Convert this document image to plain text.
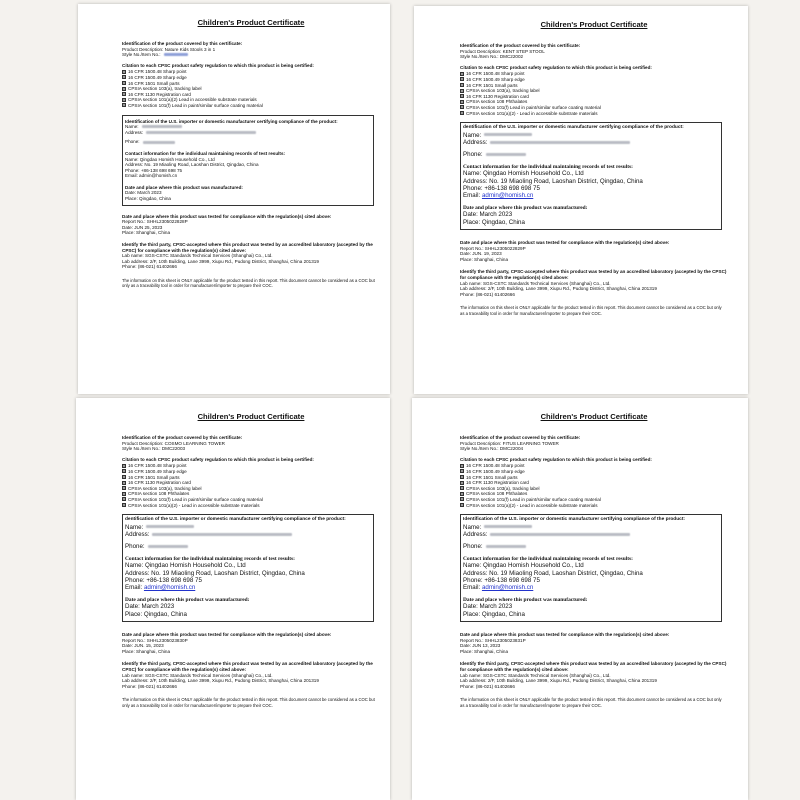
Children's Product Certificate
Identification of the product covered by this certificate:
Product Description: Nature Kids Stools 3 in 1
Style No./Item No.:
Citation to each CPSC product safety regulation to which this product is being certified:
16 CFR 1500.48 Sharp point
16 CFR 1500.49 Sharp edge
16 CFR 1501 Small parts
CPSIA section 103(a), tracking label
16 CFR 1130 Registration card
CPSIA section 101(a)(2) Lead in accessible substrate materials
CPSIA section 101(f) Lead in paint/similar surface coating material
Identification of the U.S. importer or domestic manufacturer certifying compliance of the product:
Name:
Address:
Phone:
Contact information for the individual maintaining records of test results:
Name: Qingdao Homish Household Co., Ltd
Address: No. 19 Miaoling Road, Laoshan District, Qingdao, China
Phone: +86-138 698 698 75
Email: admin@homish.cn
Date and place where this product was manufactured:
Date: March 2023
Place: Qingdao, China
Date and place where this product was tested for compliance with the regulation(s) cited above:
Report No.: SHHL2305022828P
Date: JUN 25, 2023
Place: Shanghai, China
Identify the third party, CPSC-accepted where this product was tested by an accredited laboratory (accepted by the CPSC) for compliance with the regulation(s) cited above:
Lab name: SGS-CSTC Standards Technical Services (Shanghai) Co., Ltd.
Lab address: 2/F, 10th Building, Lane 3999, Xiupu Rd., Pudong District, Shanghai, China 201319
Phone: (86-021) 61402666
The information on this sheet is ONLY applicable for the product tested in this report. This document cannot be considered as a COC but only as a traceability tool in order for manufacturer/importer to prepare their COC.
Children's Product Certificate
Identification of the product covered by this certificate:
Product Description: KENT STEP STOOL
Style No./Item No.: DMC22002
Citation to each CPSC product safety regulation to which this product is being certified:
16 CFR 1500.48 Sharp point
16 CFR 1500.49 Sharp edge
16 CFR 1501 Small parts
CPSIA section 103(a), tracking label
16 CFR 1130 Registration card
CPSIA section 108 Phthalates
CPSIA section 101(f) Lead in paint/similar surface coating material
CPSIA section 101(a)(2) - Lead in accessible substrate materials
dentification of the U.S. importer or domestic manufacturer certifying compliance of the product:
Name:
Address:
Phone:
Contact information for the individual maintaining records of test results:
Name: Qingdao Homish Household Co., Ltd
Address: No. 19 Miaoling Road, Laoshan District, Qingdao, China
Phone: +86-138 698 698 75
Email: admin@homish.cn
Date and place where this product was manufactured:
Date: March 2023
Place: Qingdao, China
Date and place where this product was tested for compliance with the regulation(s) cited above:
Report No.: SHHL2305022829P
Date: JUN. 19, 2023
Place: Shanghai, China
Identify the third party, CPSC-accepted where this product was tested by an accredited laboratory (accepted by the CPSC) for compliance with the regulation(s) cited above:
Lab name: SGS-CSTC Standards Technical Services (Shanghai) Co., Ltd.
Lab address: 2/F, 10th Building, Lane 3999, Xiupu Rd., Pudong District, Shanghai, China 201319
Phone: (86-021) 61402666
The information on this sheet is ONLY applicable for the product tested in this report. This document cannot be considered as a COC but only as a traceability tool in order for manufacturer/importer to prepare their COC.
Children's Product Certificate
Identification of the product covered by this certificate:
Product Description: COSMO LEARNING TOWER
Style No./Item No.: DMC22003
Citation to each CPSC product safety regulation to which this product is being certified:
16 CFR 1500.48 Sharp point
16 CFR 1500.49 Sharp edge
16 CFR 1501 Small parts
16 CFR 1130 Registration card
CPSIA section 103(a), tracking label
CPSIA section 108 Phthalates
CPSIA section 101(f) Lead in paint/similar surface coating material
CPSIA section 101(a)(2) - Lead in accessible substrate materials
dentification of the U.S. importer or domestic manufacturer certifying compliance of the product:
Name:
Address:
Phone:
Contact information for the individual maintaining records of test results:
Name: Qingdao Homish Household Co., Ltd
Address: No. 19 Miaoling Road, Laoshan District, Qingdao, China
Phone: +86-138 698 698 75
Email: admin@homish.cn
Date and place where this product was manufactured:
Date: March 2023
Place: Qingdao, China
Date and place where this product was tested for compliance with the regulation(s) cited above:
Report No.: SHHL2305023830P
Date: JUN. 15, 2023
Place: Shanghai, China
Identify the third party, CPSC-accepted where this product was tested by an accredited laboratory (accepted by the CPSC) for compliance with the regulation(s) cited above:
Lab name: SGS-CSTC Standards Technical Services (Shanghai) Co., Ltd.
Lab address: 2/F, 10th Building, Lane 3999, Xiupu Rd., Pudong District, Shanghai, China 201319
Phone: (86-021) 61402666
The information on this sheet is ONLY applicable for the product tested in this report. This document cannot be considered as a COC but only as a traceability tool in order for manufacturer/importer to prepare their COC.
Children's Product Certificate
Identification of the product covered by this certificate:
Product Description: FITUS LEARNING TOWER
Style No./Item No.: DMC22004
Citation to each CPSC product safety regulation to which this product is being certified:
16 CFR 1500.48 Sharp point
16 CFR 1500.49 Sharp edge
16 CFR 1501 Small parts
16 CFR 1130 Registration card
CPSIA section 103(a), tracking label
CPSIA section 108 Phthalates
CPSIA section 101(f) Lead in paint/similar surface coating material
CPSIA section 101(a)(2) - Lead in accessible substrate materials
Identification of the U.S. importer or domestic manufacturer certifying compliance of the product:
Name:
Address:
Phone:
Contact information for the individual maintaining records of test results:
Name: Qingdao Homish Household Co., Ltd
Address: No. 19 Miaoling Road, Laoshan District, Qingdao, China
Phone: +86-138 698 698 75
Email: admin@homish.cn
Date and place where this product was manufactured:
Date: March 2023
Place: Qingdao, China
Date and place where this product was tested for compliance with the regulation(s) cited above:
Report No.: SHHL2305023831P
Date: JUN 13, 2023
Place: Shanghai, China
Identify the third party, CPSC-accepted where this product was tested by an accredited laboratory (accepted by the CPSC) for compliance with the regulation(s) cited above:
Lab name: SGS-CSTC Standards Technical Services (Shanghai) Co., Ltd.
Lab address: 2/F, 10th Building, Lane 3999, Xiupu Rd., Pudong District, Shanghai, China 201319
Phone: (86-021) 61402666
The information on this sheet is ONLY applicable for the product tested in this report. This document cannot be considered as a COC but only as a traceability tool in order for manufacturer/importer to prepare their COC.
